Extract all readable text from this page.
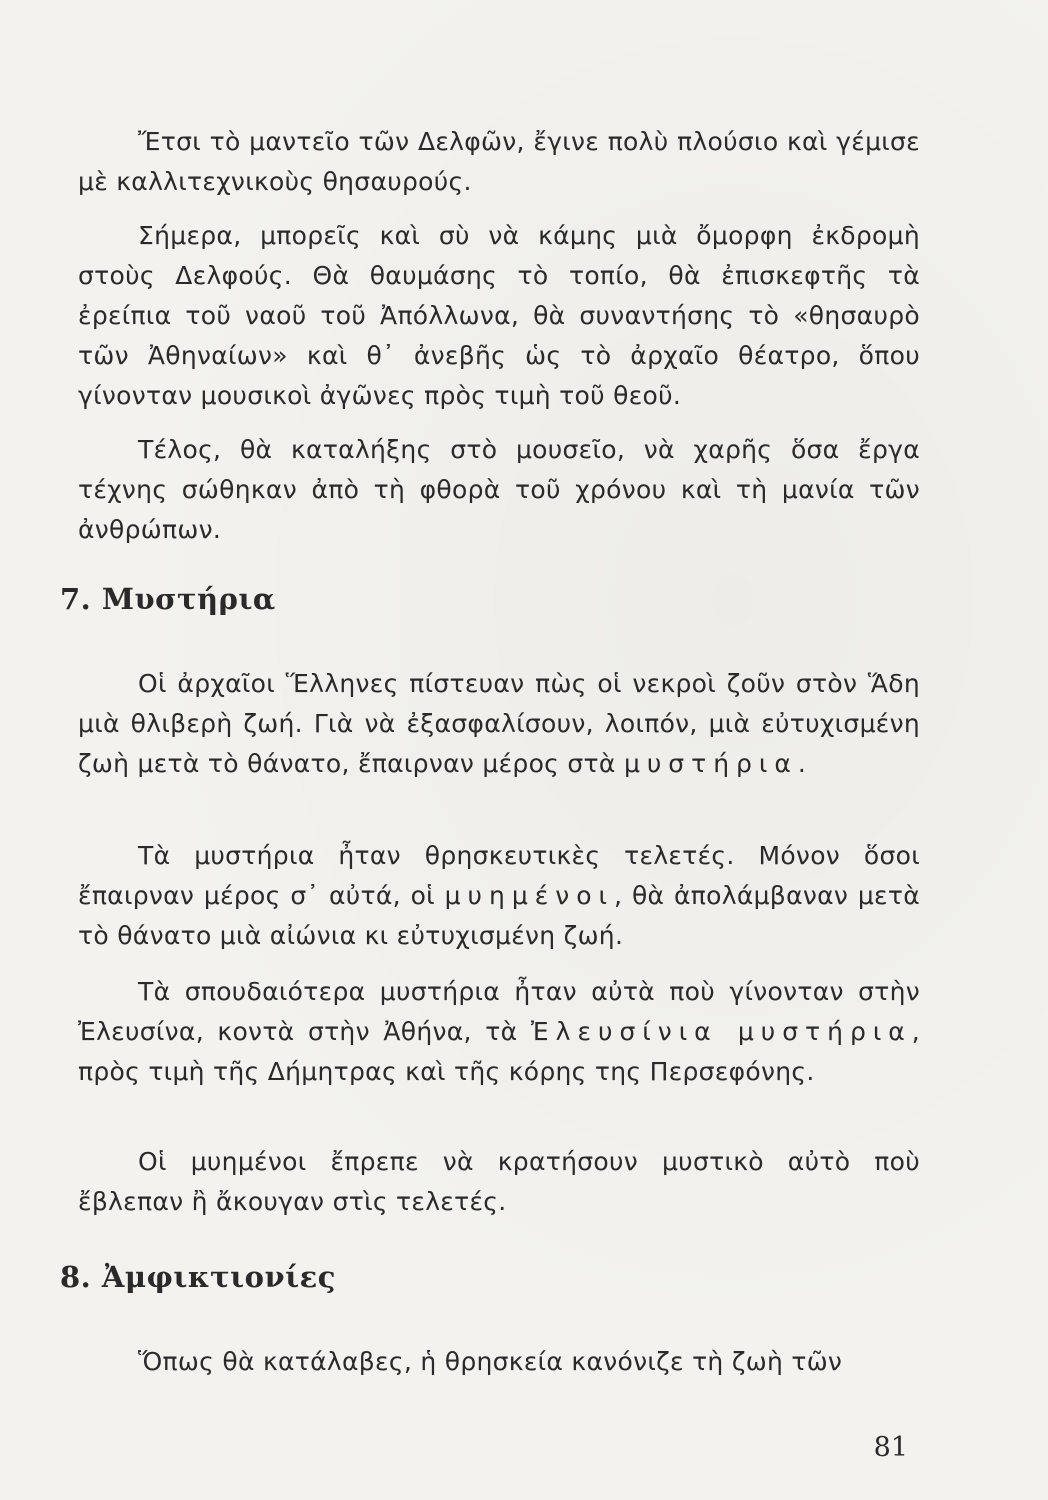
Ἔτσι τὸ μαντεῖο τῶν Δελφῶν, ἔγινε πολὺ πλούσιο καὶ γέμισε μὲ καλλιτεχνικοὺς θησαυρούς.

Σήμερα, μπορεῖς καὶ σὺ νὰ κάμης μιὰ ὄμορφη ἐκδρομὴ στοὺς Δελφούς. Θὰ θαυμάσης τὸ τοπίο, θὰ ἐπισκεφτῆς τὰ ἐρείπια τοῦ ναοῦ τοῦ Ἀπόλλωνα, θὰ συναντήσης τὸ «θησαυρὸ τῶν Ἀθηναίων» καὶ θ᾽ ἀνεβῆς ὡς τὸ ἀρχαῖο θέατρο, ὅπου γίνονταν μουσικοὶ ἀγῶνες πρὸς τιμὴ τοῦ θεοῦ.

Τέλος, θὰ καταλήξης στὸ μουσεῖο, νὰ χαρῆς ὅσα ἔργα τέχνης σώθηκαν ἀπὸ τὴ φθορὰ τοῦ χρόνου καὶ τὴ μανία τῶν ἀνθρώπων.

7. Μυστήρια

Οἱ ἀρχαῖοι Ἕλληνες πίστευαν πὼς οἱ νεκροὶ ζοῦν στὸν Ἅδη μιὰ θλιβερὴ ζωή. Γιὰ νὰ ἐξασφαλίσουν, λοιπόν, μιὰ εὐτυχισμένη ζωὴ μετὰ τὸ θάνατο, ἔπαιρναν μέρος στὰ μυστήρια.

Τὰ μυστήρια ἦταν θρησκευτικὲς τελετές. Μόνον ὅσοι ἔπαιρναν μέρος σ᾽ αὐτά, οἱ μυημένοι, θὰ ἀπολάμβαναν μετὰ τὸ θάνατο μιὰ αἰώνια κι εὐτυχισμένη ζωή.

Τὰ σπουδαιότερα μυστήρια ἦταν αὐτὰ ποὺ γίνονταν στὴν Ἐλευσίνα, κοντὰ στὴν Ἀθήνα, τὰ Ἐλευσίνια μυστήρια, πρὸς τιμὴ τῆς Δήμητρας καὶ τῆς κόρης της Περσεφόνης.

Οἱ μυημένοι ἔπρεπε νὰ κρατήσουν μυστικὸ αὐτὸ ποὺ ἔβλεπαν ἢ ἄκουγαν στὶς τελετές.

8. Ἀμφικτιονίες

Ὅπως θὰ κατάλαβες, ἡ θρησκεία κανόνιζε τὴ ζωὴ τῶν

81
